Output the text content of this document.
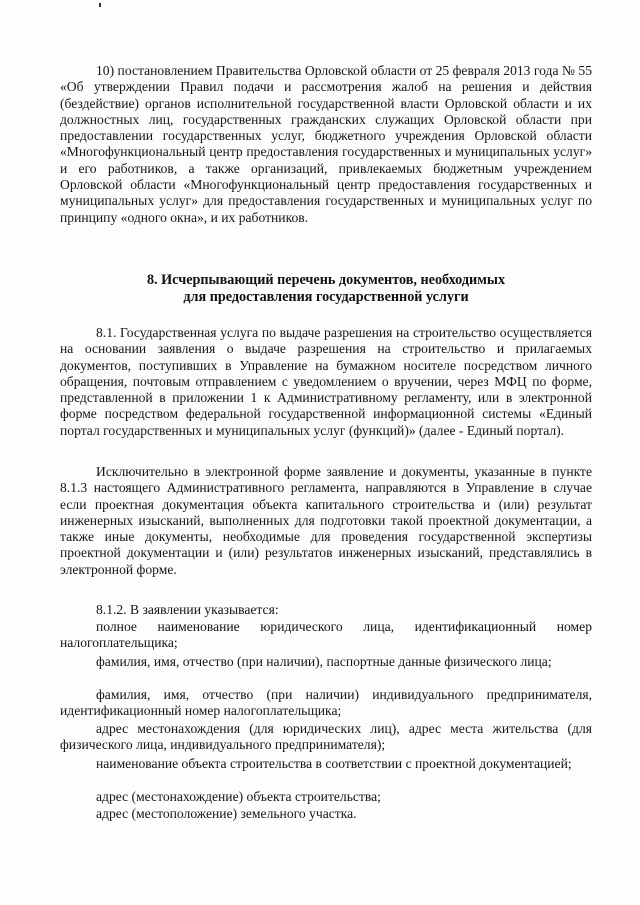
10) постановлением Правительства Орловской области от 25 февраля 2013 года № 55 «Об утверждении Правил подачи и рассмотрения жалоб на решения и действия (бездействие) органов исполнительной государственной власти Орловской области и их должностных лиц, государственных гражданских служащих Орловской области при предоставлении государственных услуг, бюджетного учреждения Орловской области «Многофункциональный центр предоставления государственных и муниципальных услуг» и его работников, а также организаций, привлекаемых бюджетным учреждением Орловской области «Многофункциональный центр предоставления государственных и муниципальных услуг» для предоставления государственных и муниципальных услуг по принципу «одного окна», и их работников.
8. Исчерпывающий перечень документов, необходимых
для предоставления государственной услуги
8.1. Государственная услуга по выдаче разрешения на строительство осуществляется на основании заявления о выдаче разрешения на строительство и прилагаемых документов, поступивших в Управление на бумажном носителе посредством личного обращения, почтовым отправлением с уведомлением о вручении, через МФЦ по форме, представленной в приложении 1 к Административному регламенту, или в электронной форме посредством федеральной государственной информационной системы «Единый портал государственных и муниципальных услуг (функций)» (далее - Единый портал).
Исключительно в электронной форме заявление и документы, указанные в пункте 8.1.3 настоящего Административного регламента, направляются в Управление в случае если проектная документация объекта капитального строительства и (или) результат инженерных изысканий, выполненных для подготовки такой проектной документации, а также иные документы, необходимые для проведения государственной экспертизы проектной документации и (или) результатов инженерных изысканий, представлялись в электронной форме.
8.1.2. В заявлении указывается:
полное наименование юридического лица, идентификационный номер налогоплательщика;
фамилия, имя, отчество (при наличии), паспортные данные физического лица;
фамилия, имя, отчество (при наличии) индивидуального предпринимателя, идентификационный номер налогоплательщика;
адрес местонахождения (для юридических лиц), адрес места жительства (для физического лица, индивидуального предпринимателя);
наименование объекта строительства в соответствии с проектной документацией;
адрес (местонахождение) объекта строительства;
адрес (местоположение) земельного участка.
